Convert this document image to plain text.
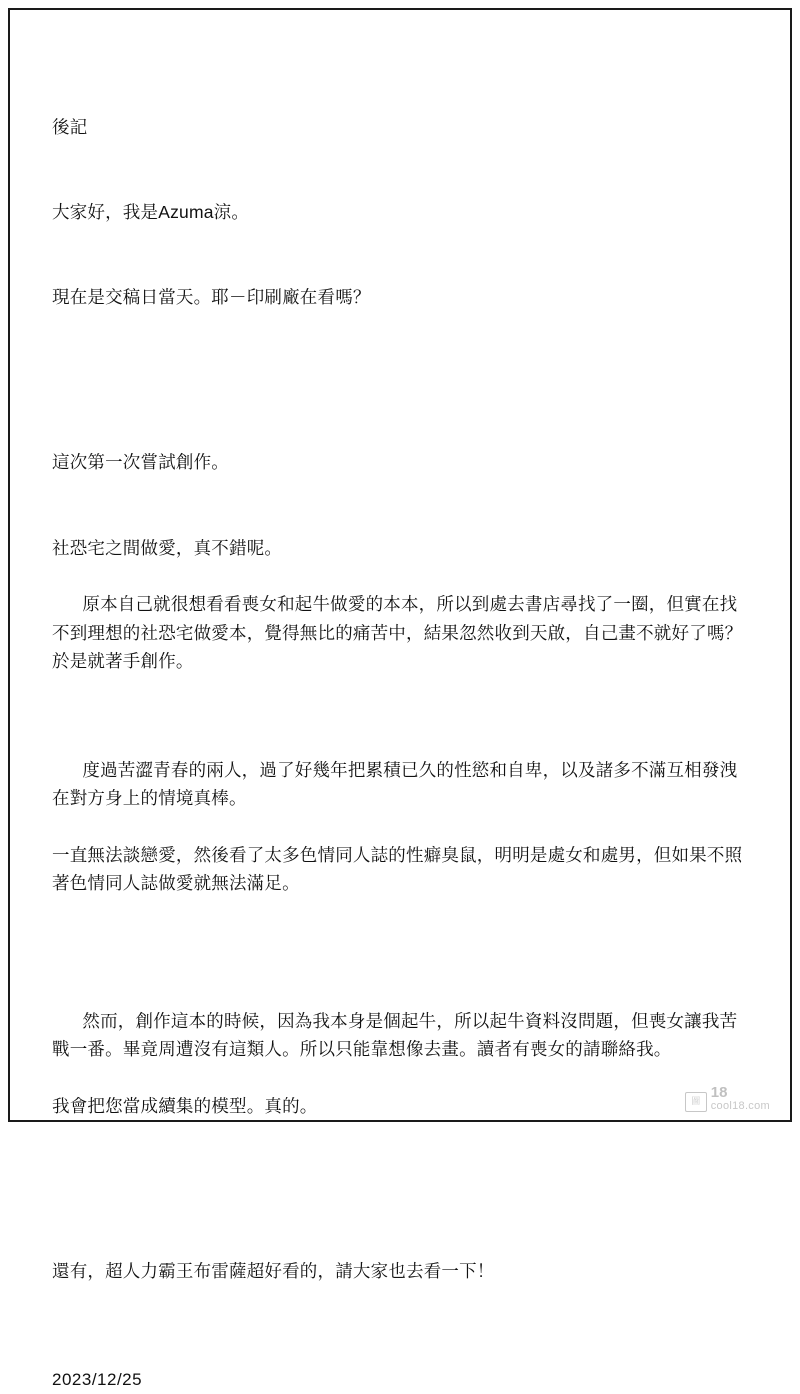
後記

大家好，我是Azuma涼。

現在是交稿日當天。耶－印刷廠在看嗎？

這次第一次嘗試創作。

社恐宅之間做愛，真不錯呢。

原本自己就很想看看喪女和起牛做愛的本本，所以到處去書店尋找了一圈，但實在找不到理想的社恐宅做愛本，覺得無比的痛苦中，結果忽然收到天啟，自己畫不就好了嗎？於是就著手創作。

度過苦澀青春的兩人，過了好幾年把累積已久的性慾和自卑，以及諸多不滿互相發洩在對方身上的情境真棒。

一直無法談戀愛，然後看了太多色情同人誌的性癖臭鼠，明明是處女和處男，但如果不照著色情同人誌做愛就無法滿足。

然而，創作這本的時候，因為我本身是個起牛，所以起牛資料沒問題，但喪女讓我苦戰一番。畢竟周遭沒有這類人。所以只能靠想像去畫。讀者有喪女的請聯絡我。

我會把您當成續集的模型。真的。

還有，超人力霸王布雷薩超好看的，請大家也去看一下！

2023/12/25

圖
18
cool18.com
